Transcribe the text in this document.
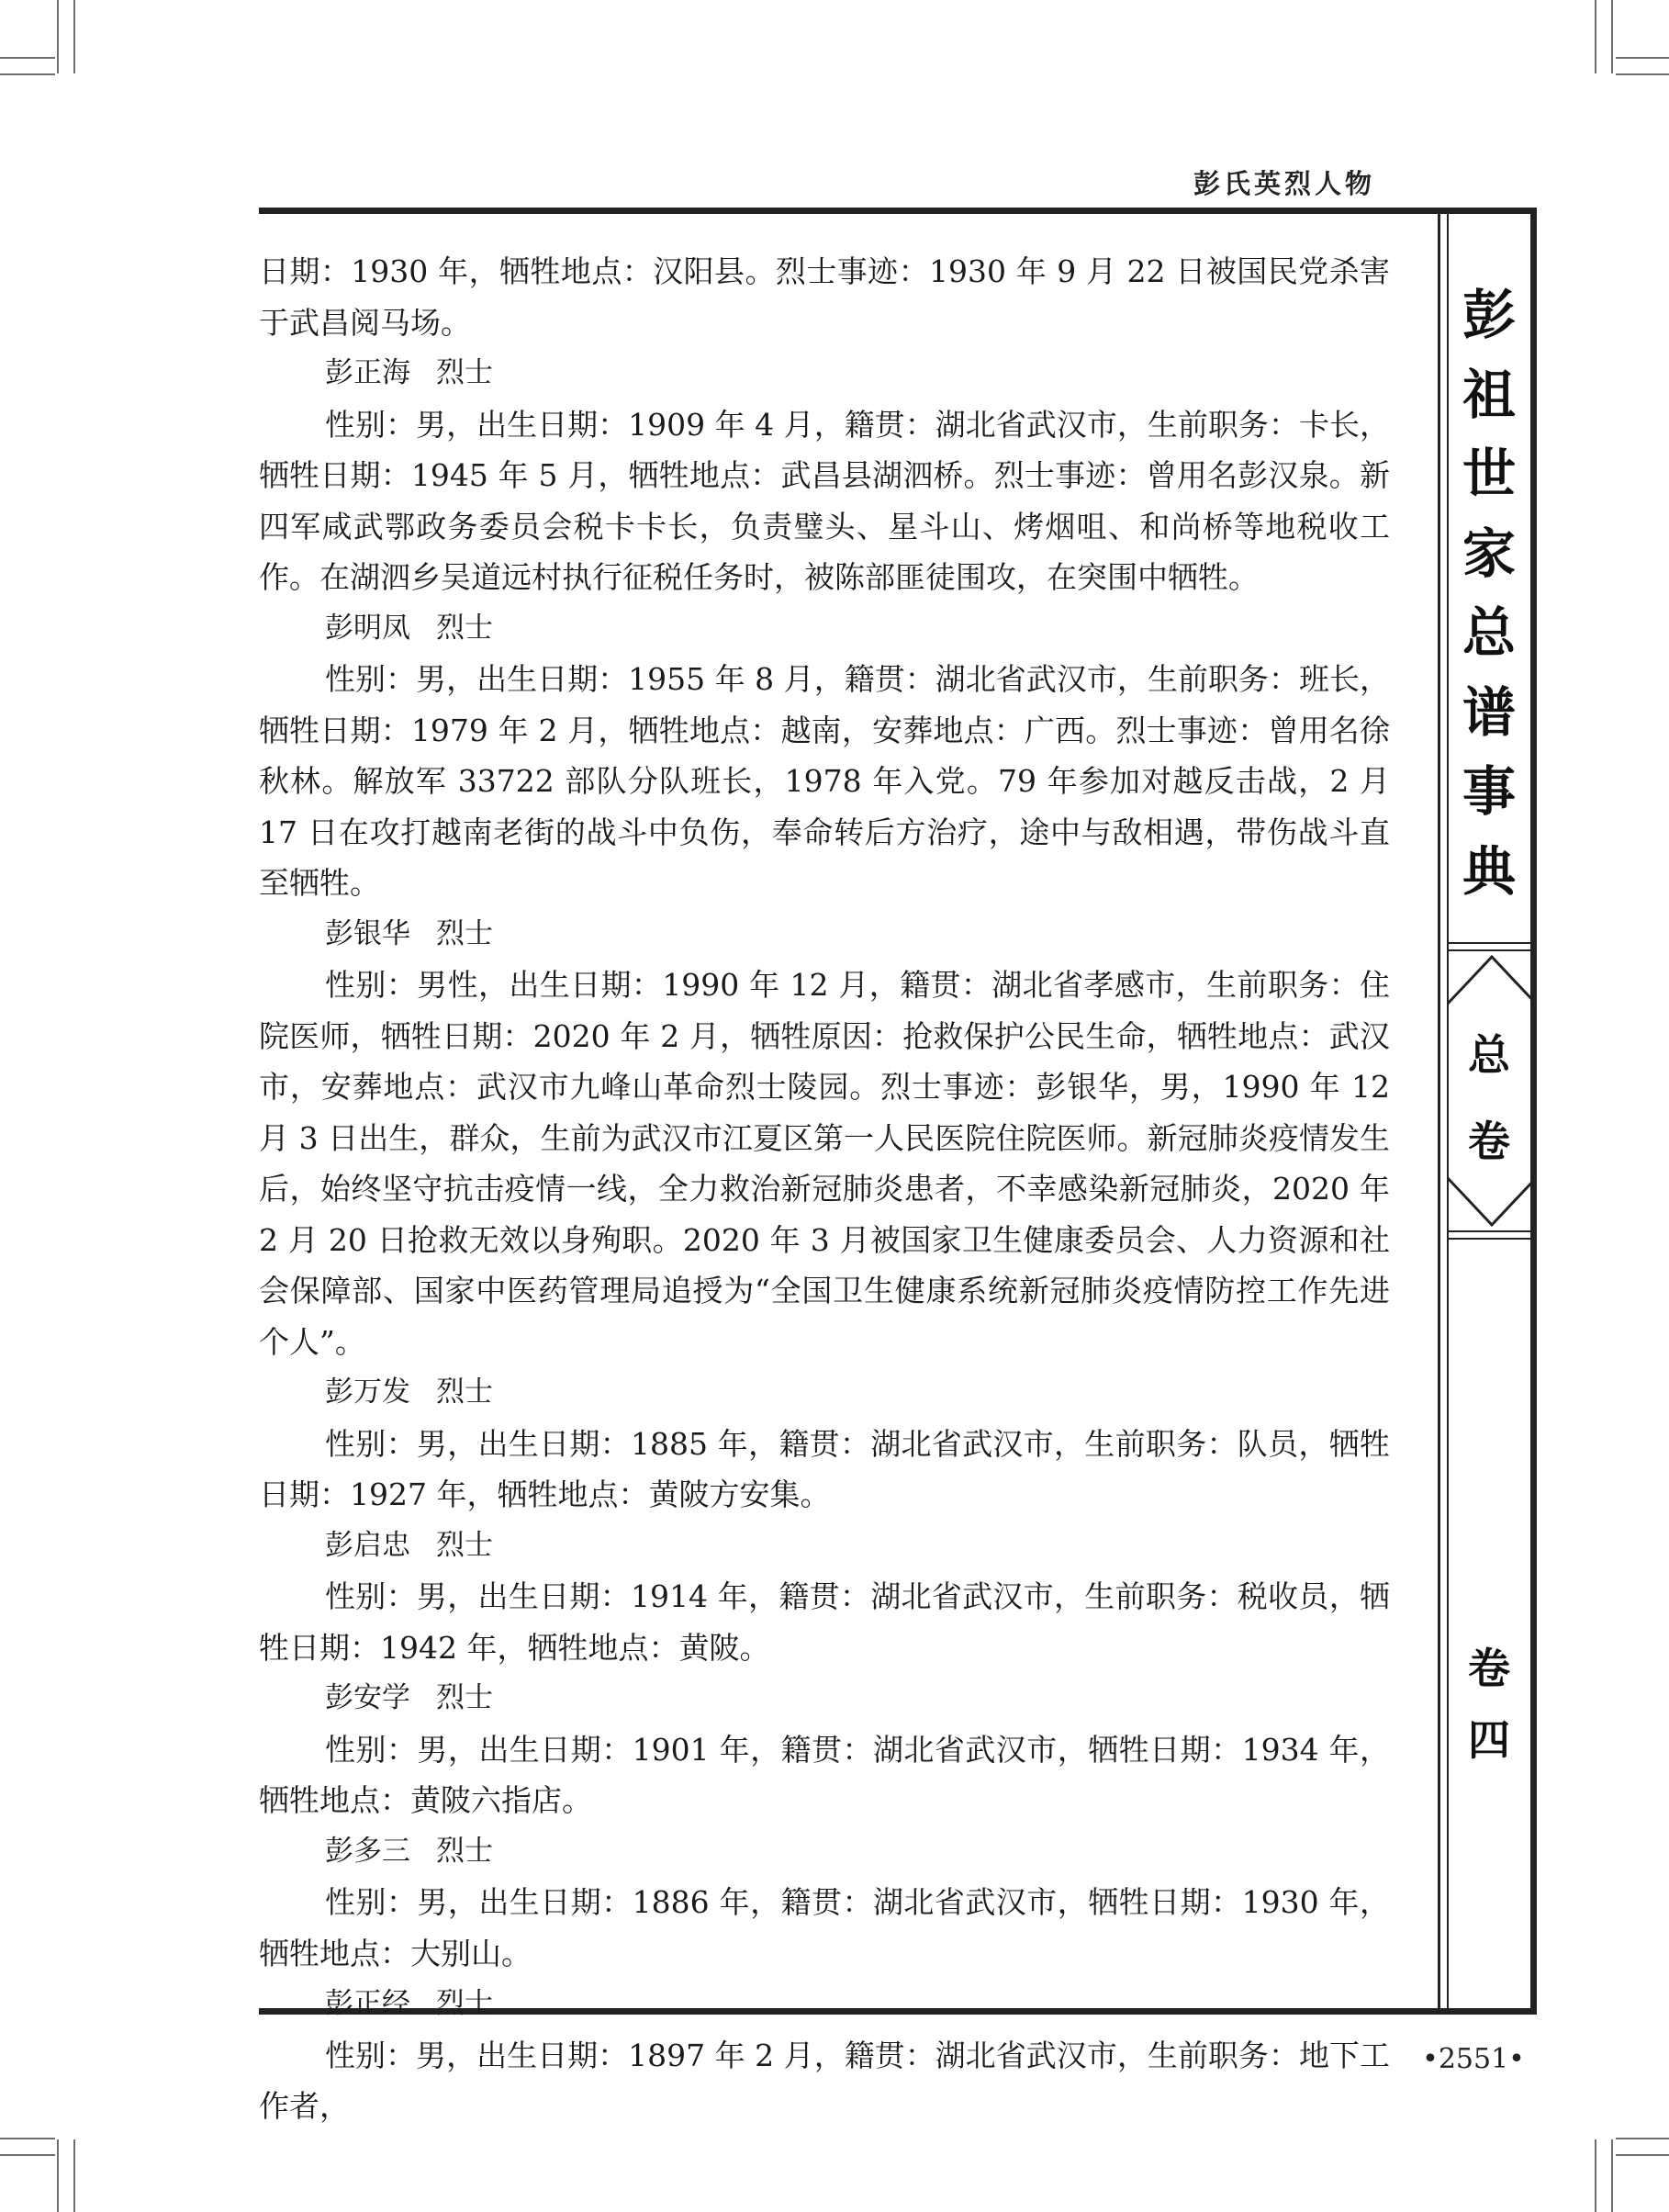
彭氏英烈人物

日期：1930 年，牺牲地点：汉阳县。烈士事迹：1930 年 9 月 22 日被国民党杀害于武昌阅马场。

彭正海 烈士

性别：男，出生日期：1909 年 4 月，籍贯：湖北省武汉市，生前职务：卡长，牺牲日期：1945 年 5 月，牺牲地点：武昌县湖泗桥。烈士事迹：曾用名彭汉泉。新四军咸武鄂政务委员会税卡卡长，负责璧头、星斗山、烤烟咀、和尚桥等地税收工作。在湖泗乡吴道远村执行征税任务时，被陈部匪徒围攻，在突围中牺牲。

彭明凤 烈士

性别：男，出生日期：1955 年 8 月，籍贯：湖北省武汉市，生前职务：班长，牺牲日期：1979 年 2 月，牺牲地点：越南，安葬地点：广西。烈士事迹：曾用名徐秋林。解放军 33722 部队分队班长，1978 年入党。79 年参加对越反击战，2 月 17 日在攻打越南老街的战斗中负伤，奉命转后方治疗，途中与敌相遇，带伤战斗直至牺牲。

彭银华 烈士

性别：男性，出生日期：1990 年 12 月，籍贯：湖北省孝感市，生前职务：住院医师，牺牲日期：2020 年 2 月，牺牲原因：抢救保护公民生命，牺牲地点：武汉市，安葬地点：武汉市九峰山革命烈士陵园。烈士事迹：彭银华，男，1990 年 12 月 3 日出生，群众，生前为武汉市江夏区第一人民医院住院医师。新冠肺炎疫情发生后，始终坚守抗击疫情一线，全力救治新冠肺炎患者，不幸感染新冠肺炎，2020 年 2 月 20 日抢救无效以身殉职。2020 年 3 月被国家卫生健康委员会、人力资源和社会保障部、国家中医药管理局追授为“全国卫生健康系统新冠肺炎疫情防控工作先进个人”。

彭万发 烈士

性别：男，出生日期：1885 年，籍贯：湖北省武汉市，生前职务：队员，牺牲日期：1927 年，牺牲地点：黄陂方安集。

彭启忠 烈士

性别：男，出生日期：1914 年，籍贯：湖北省武汉市，生前职务：税收员，牺牲日期：1942 年，牺牲地点：黄陂。

彭安学 烈士

性别：男，出生日期：1901 年，籍贯：湖北省武汉市，牺牲日期：1934 年，牺牲地点：黄陂六指店。

彭多三 烈士

性别：男，出生日期：1886 年，籍贯：湖北省武汉市，牺牲日期：1930 年，牺牲地点：大别山。

彭正经 烈士

性别：男，出生日期：1897 年 2 月，籍贯：湖北省武汉市，生前职务：地下工作者，

彭
祖
世
家
总
谱
事
典
总
卷
卷
四
•2551•
